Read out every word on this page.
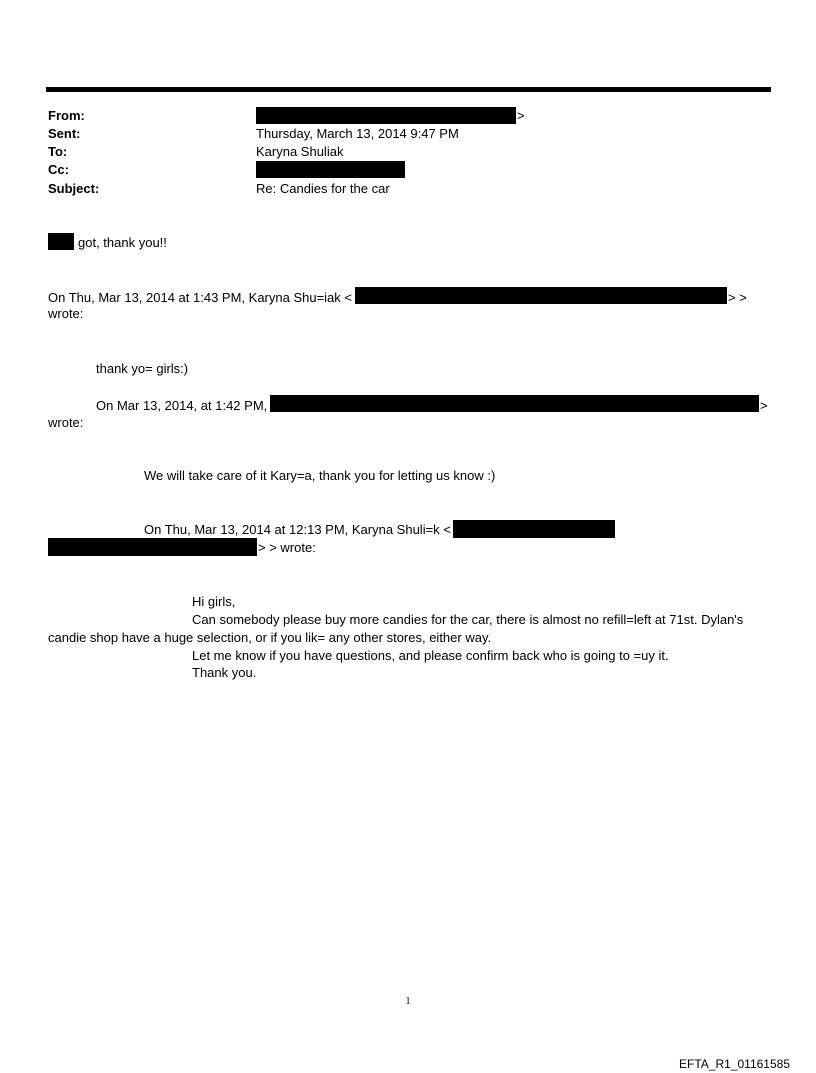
From:	>
Sent:	Thursday, March 13, 2014 9:47 PM
To:	Karyna Shuliak
Cc:
Subject:	Re: Candies for the car
got, thank you!!
On Thu, Mar 13, 2014 at 1:43 PM, Karyna Shu=iak <	> >
wrote:
thank yo= girls:)
On Mar 13, 2014, at 1:42 PM,	>
wrote:
We will take care of it Kary=a, thank you for letting us know :)
On Thu, Mar 13, 2014 at 12:13 PM, Karyna Shuli=k <
> > wrote:
Hi girls,
Can somebody please buy more candies for the car, there is almost no refill=left at 71st. Dylan's
candie shop have a huge selection, or if you lik= any other stores, either way.
Let me know if you have questions, and please confirm back who is going to =uy it.
Thank you.
1
EFTA_R1_01161585
